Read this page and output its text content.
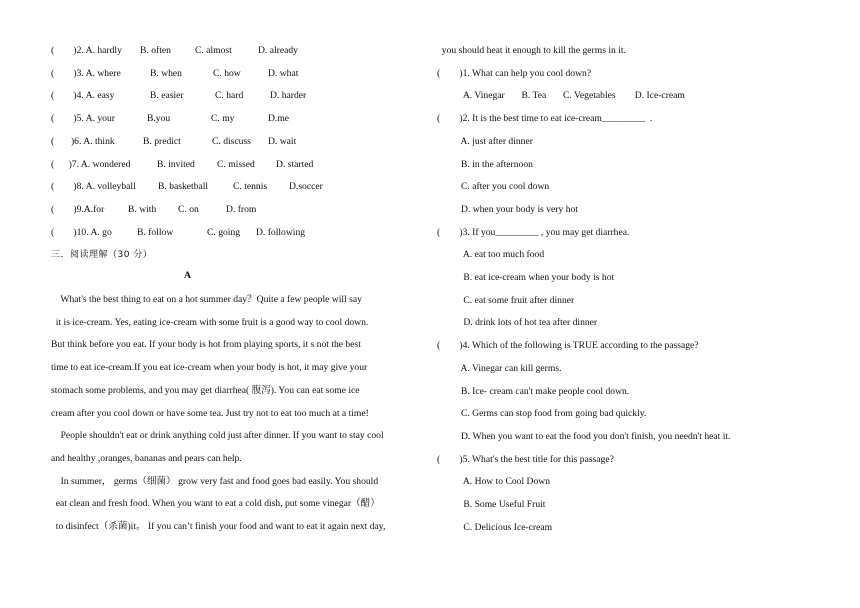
(        )2. A. hardly B. often	C. almost	D. already
(        )3. A. where	B. when	C. how	D. what
(        )4. A. easy	B. easier	C. hard	D. harder
(        )5. A. your	B.you	C. my	D.me
(       )6. A. think	B. predict	C. discuss D. wait
(      )7. A. wondered	B. invited C. missed D. started
(        )8. A. volleyball B. basketball	C. tennis D.soccer
(        )9.A.for B. with C. on	D. from
(        )10. A. go	B. follow	C. going D. following
三．阅读理解（30 分）
A
What's the best thing to eat on a hot summer day？Quite a few people will say
it is ice-cream. Yes, eating ice-cream with some fruit is a good way to cool down.
But think before you eat. If your body is hot from playing sports, it s not the best
time to eat ice-cream.If you eat ice-cream when your body is hot, it may give your
stomach some problems, and you may get diarrhea( 腹泻). You can eat some ice
cream after you cool down or have some tea. Just try not to eat too much at a time!
People shouldn't eat or drink anything cold just after dinner. If you want to stay cool
and healthy ,oranges, bananas and pears can help.
In summer， germs（细菌） grow very fast and food goes bad easily. You should
eat clean and fresh food. When you want to eat a cold dish, put some vinegar（醋）
to disinfect（杀菌)it。 If you can’t finish your food and want to eat it again next day,
you should heat it enough to kill the germs in it.
(        )1. What can help you cool down?
A. Vinegar       B. Tea       C. Vegetables        D. Ice-cream
(        )2. It is the best time to eat ice-cream_________  .
A. just after dinner
B. in the afternoon
C. after you cool down
D. when your body is very hot
(        )3. If you_________ , you may get diarrhea.
A. eat too much food
B. eat ice-cream when your body is hot
C. eat some fruit after dinner
D. drink lots of hot tea after dinner
(        )4. Which of the following is TRUE according to the passage?
A. Vinegar can kill germs.
B. Ice- cream can't make people cool down.
C. Germs can stop food from going bad quickly.
D. When you want to eat the food you don't finish, you needn't heat it.
(        )5. What's the best title for this passage?
A. How to Cool Down
B. Some Useful Fruit
C. Delicious Ice-cream
